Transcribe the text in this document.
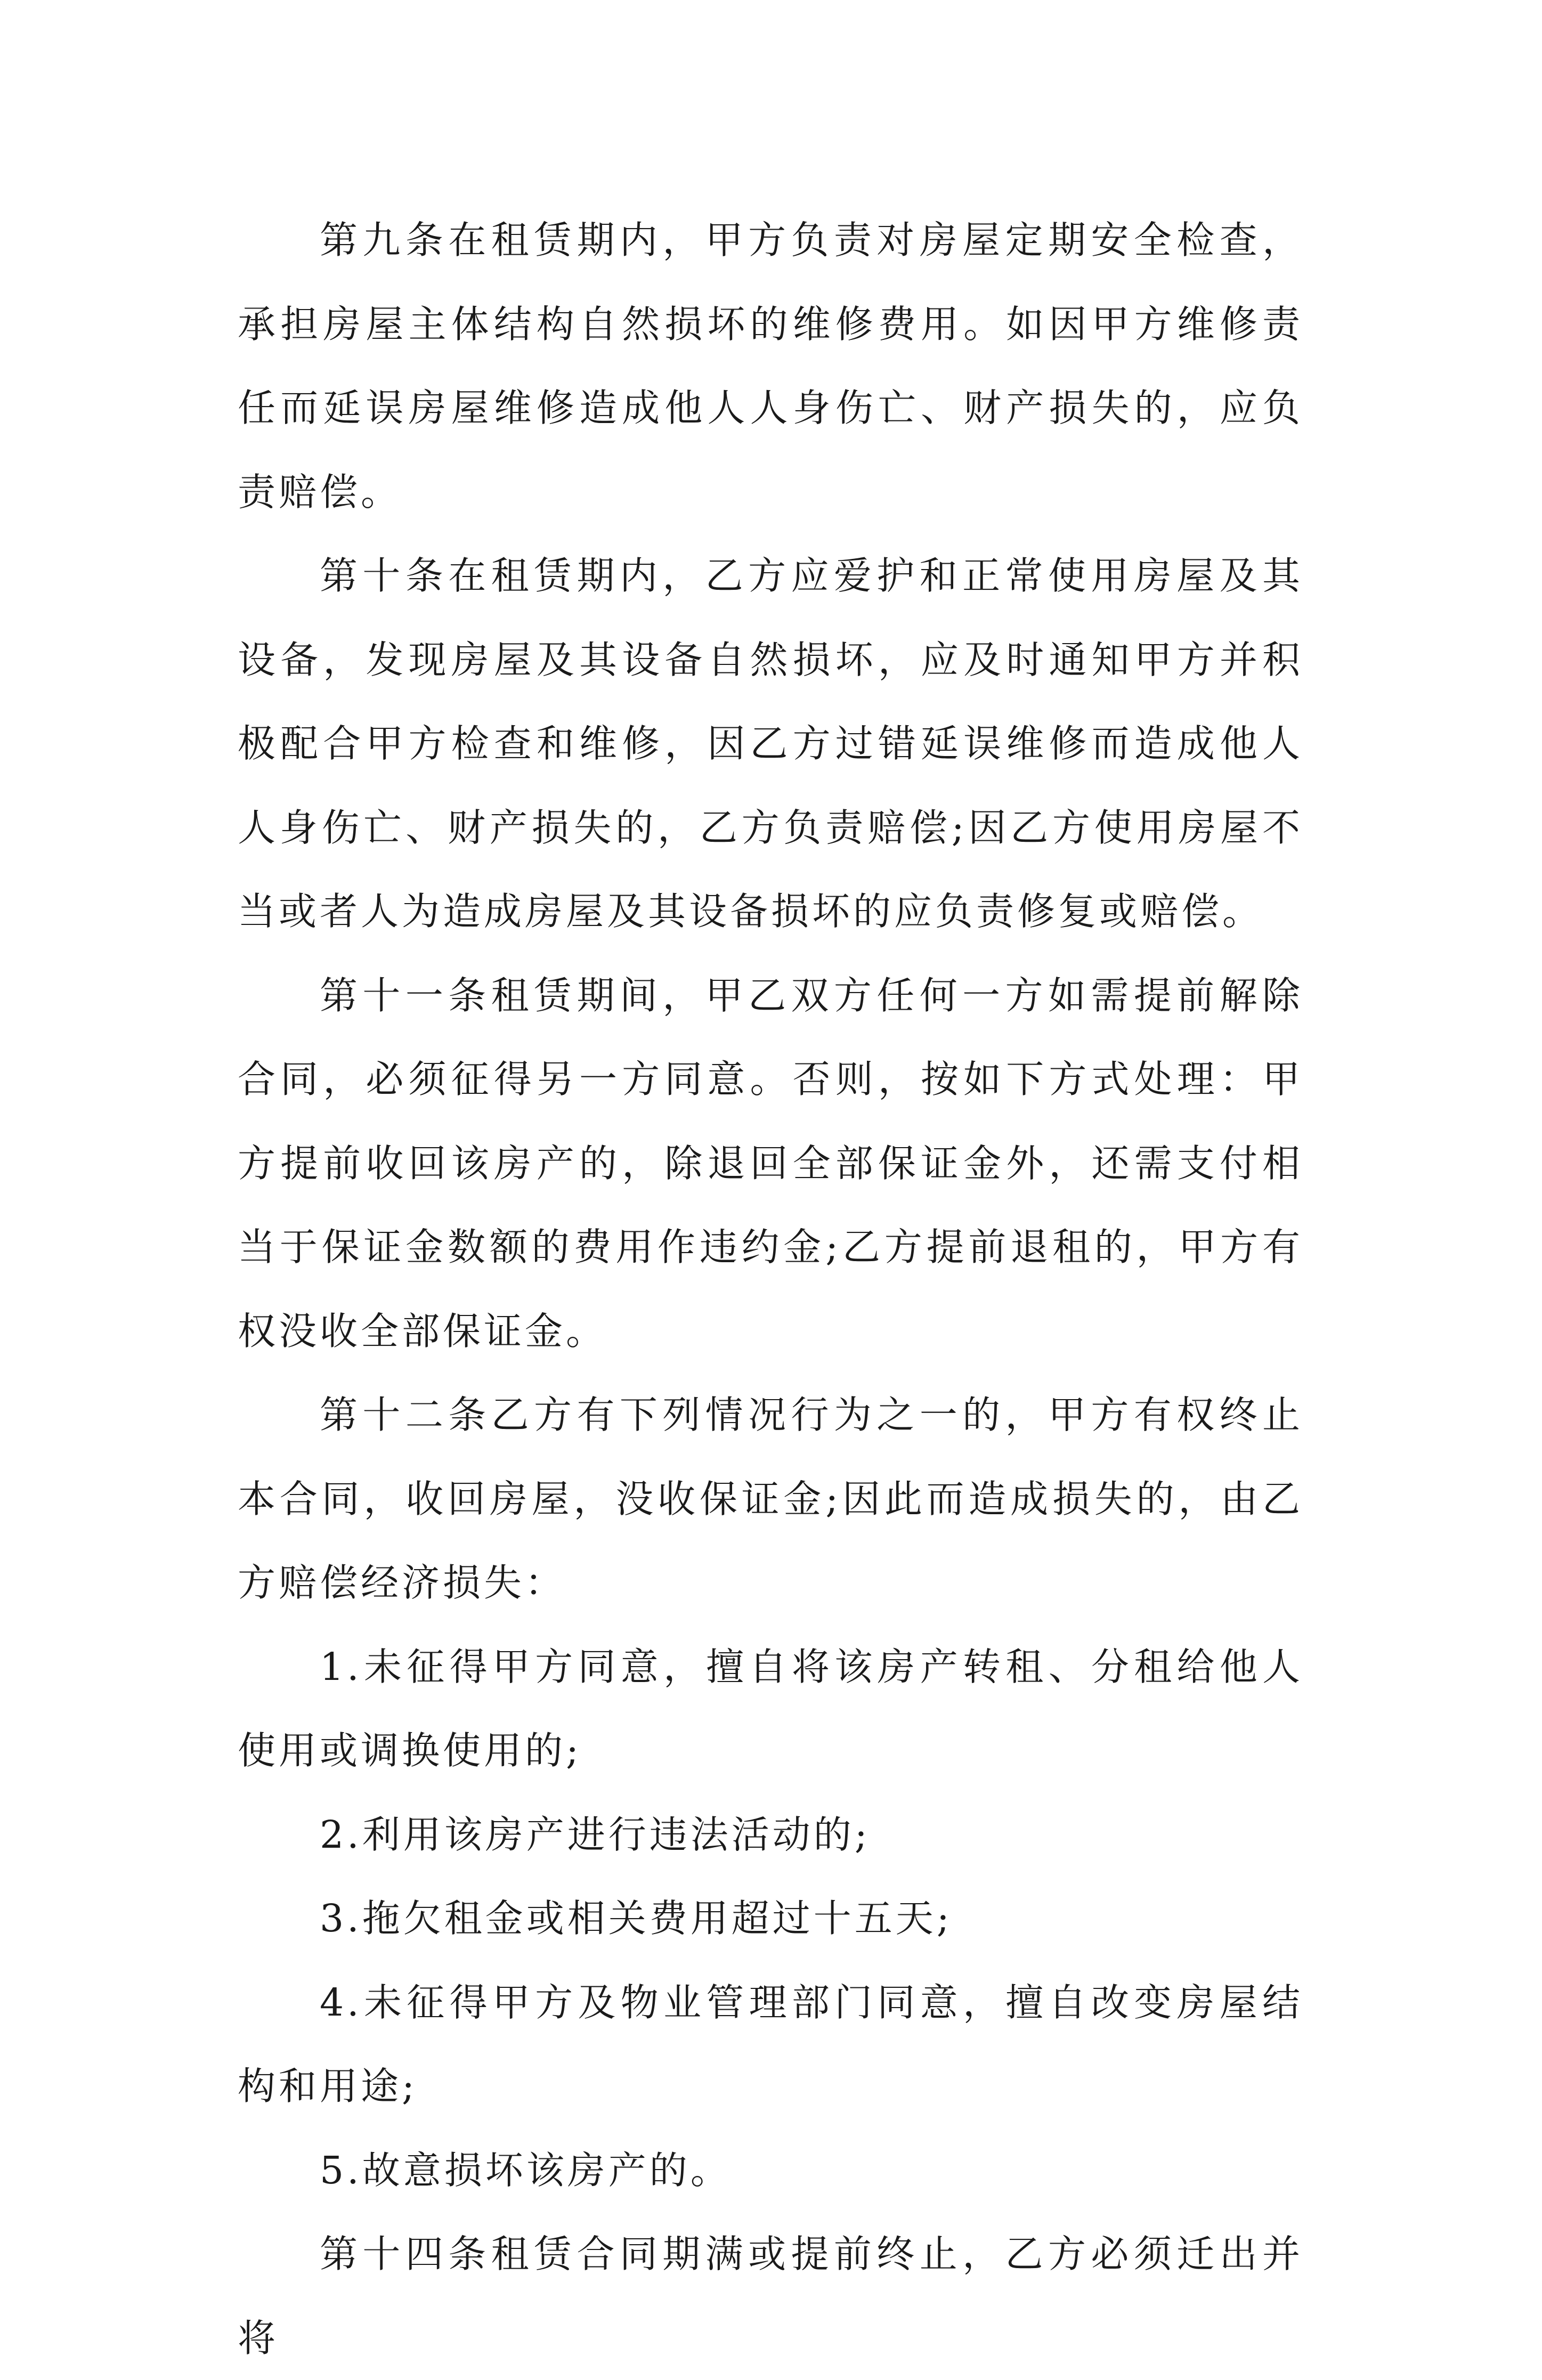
第九条在租赁期内，甲方负责对房屋定期安全检查，承担房屋主体结构自然损坏的维修费用。如因甲方维修责任而延误房屋维修造成他人人身伤亡、财产损失的，应负责赔偿。

第十条在租赁期内，乙方应爱护和正常使用房屋及其设备，发现房屋及其设备自然损坏，应及时通知甲方并积极配合甲方检查和维修，因乙方过错延误维修而造成他人人身伤亡、财产损失的，乙方负责赔偿;因乙方使用房屋不当或者人为造成房屋及其设备损坏的应负责修复或赔偿。

第十一条租赁期间，甲乙双方任何一方如需提前解除合同，必须征得另一方同意。否则，按如下方式处理：甲方提前收回该房产的，除退回全部保证金外，还需支付相当于保证金数额的费用作违约金;乙方提前退租的，甲方有权没收全部保证金。

第十二条乙方有下列情况行为之一的，甲方有权终止本合同，收回房屋，没收保证金;因此而造成损失的，由乙方赔偿经济损失：

1.未征得甲方同意，擅自将该房产转租、分租给他人使用或调换使用的;

2.利用该房产进行违法活动的;

3.拖欠租金或相关费用超过十五天;

4.未征得甲方及物业管理部门同意，擅自改变房屋结构和用途;

5.故意损坏该房产的。

第十四条租赁合同期满或提前终止，乙方必须迁出并将
